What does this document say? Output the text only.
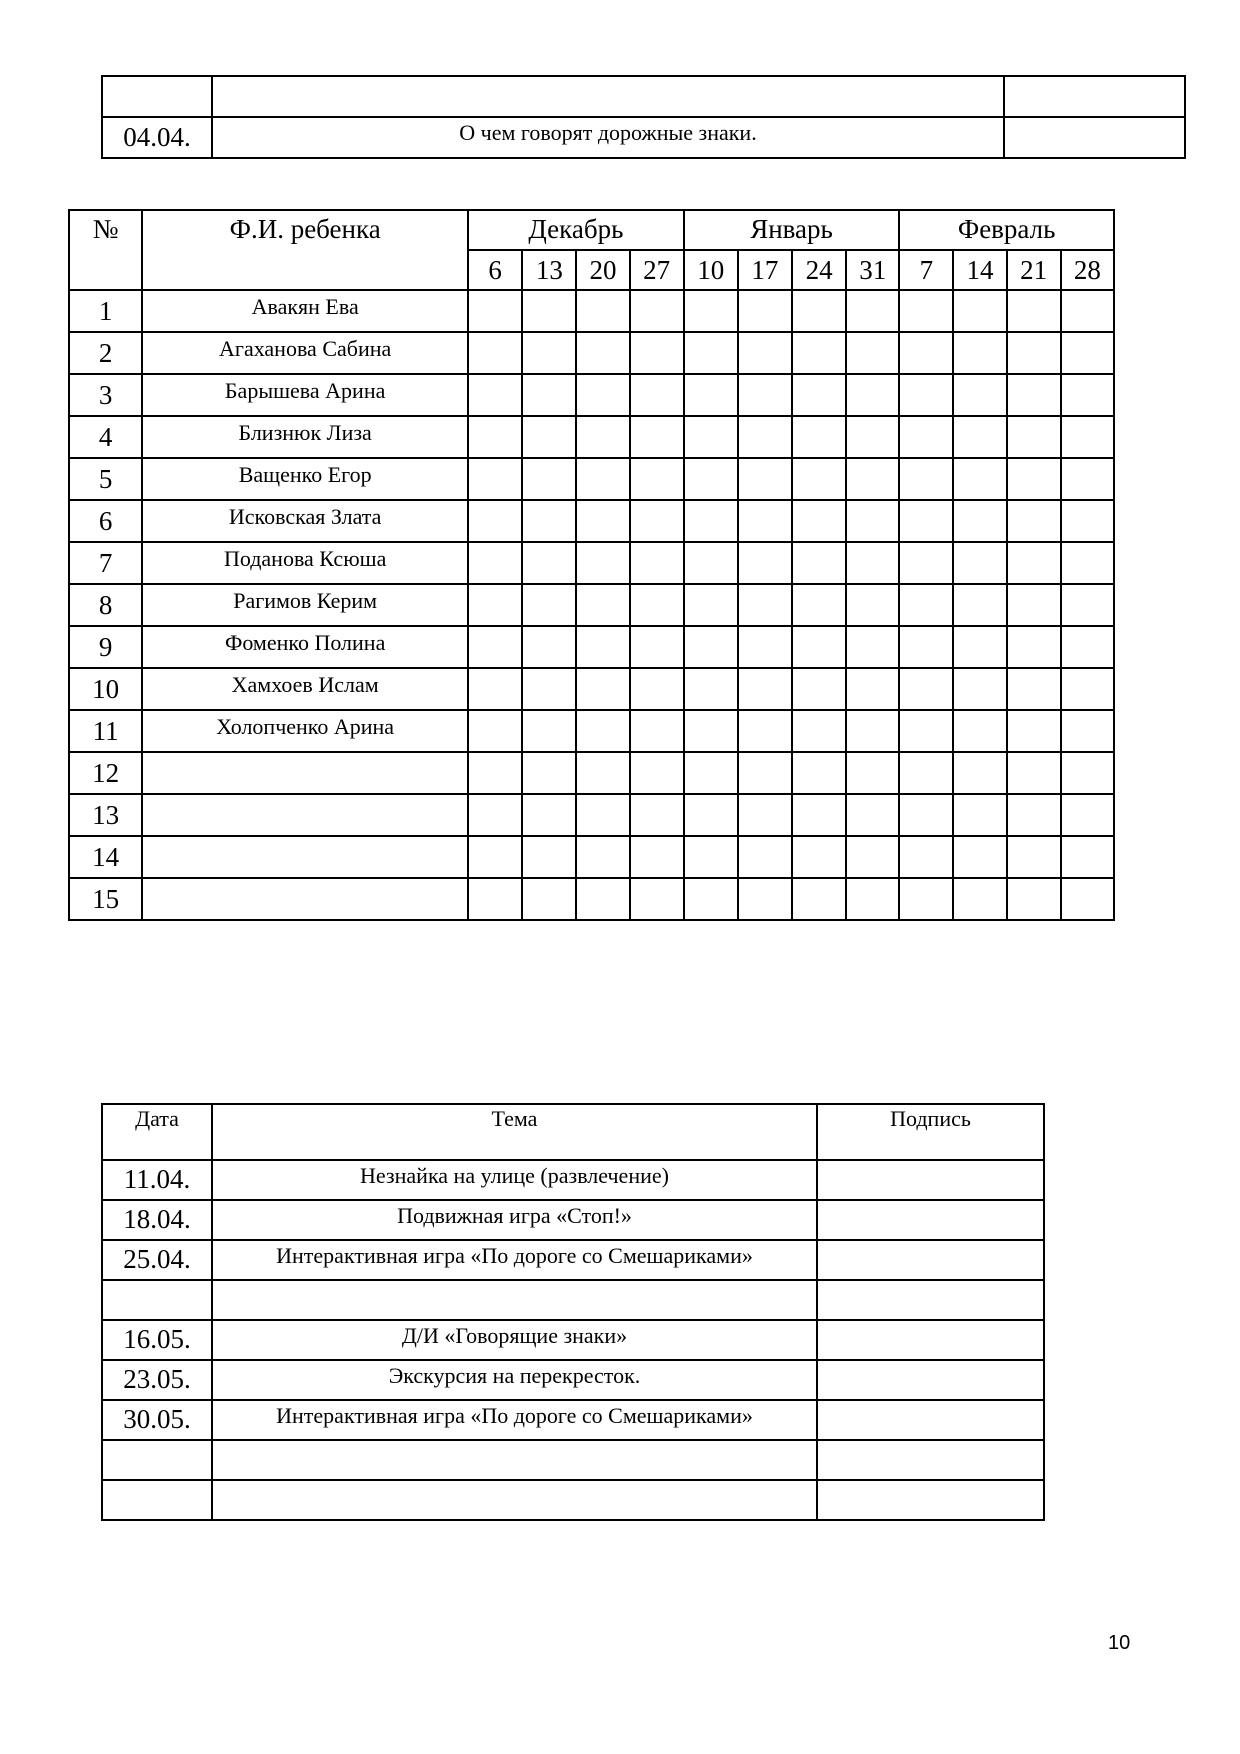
04.04.	О чем говорят дорожные знаки.	
№	Ф.И. ребенка	Декабрь				Январь				Февраль			
		6	13	20	27	10	17	24	31	7	14	21	28
1	Авакян Ева												
2	Агаханова Сабина												
3	Барышева Арина												
4	Близнюк Лиза												
5	Ващенко Егор												
6	Исковская Злата												
7	Поданова Ксюша												
8	Рагимов Керим												
9	Фоменко Полина												
10	Хамхоев Ислам												
11	Холопченко Арина												
12													
13													
14													
15													
Дата	Тема	Подпись
11.04.	Незнайка на улице (развлечение)	
18.04.	Подвижная игра «Стоп!»	
25.04.	Интерактивная игра «По дороге со Смешариками»	

16.05.	Д/И «Говорящие знаки»	
23.05.	Экскурсия на перекресток.	
30.05.	Интерактивная игра «По дороге со Смешариками»	

10
